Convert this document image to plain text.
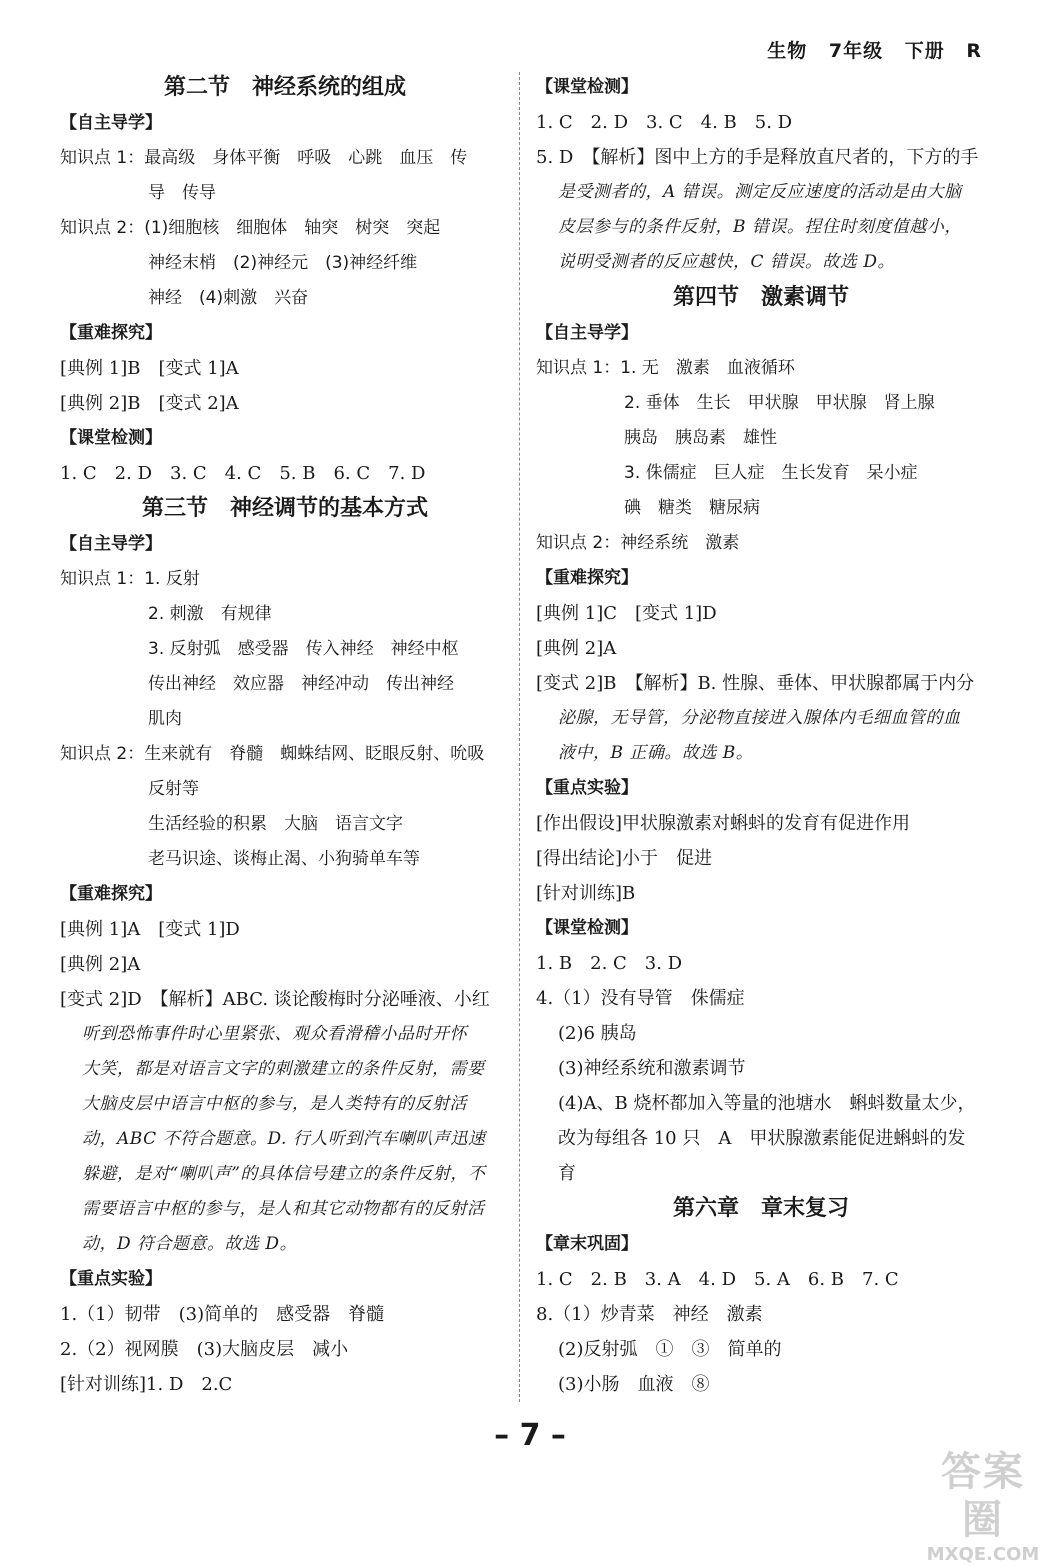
生物 7年级 下册 R
第二节　神经系统的组成
【自主导学】
知识点 1：最高级　身体平衡　呼吸　心跳　血压　传
导　传导
知识点 2：(1)细胞核　细胞体　轴突　树突　突起
神经末梢　(2)神经元　(3)神经纤维
神经　(4)刺激　兴奋
【重难探究】
[典例 1]B　[变式 1]A
[典例 2]B　[变式 2]A
【课堂检测】
1. C　2. D　3. C　4. C　5. B　6. C　7. D
第三节　神经调节的基本方式
【自主导学】
知识点 1：1. 反射
2. 刺激　有规律
3. 反射弧　感受器　传入神经　神经中枢
传出神经　效应器　神经冲动　传出神经
肌肉
知识点 2：生来就有　脊髓　蜘蛛结网、眨眼反射、吮吸
反射等
生活经验的积累　大脑　语言文字
老马识途、谈梅止渴、小狗骑单车等
【重难探究】
[典例 1]A　[变式 1]D
[典例 2]A
[变式 2]D　【解析】ABC. 谈论酸梅时分泌唾液、小红
听到恐怖事件时心里紧张、观众看滑稽小品时开怀
大笑，都是对语言文字的刺激建立的条件反射，需要
大脑皮层中语言中枢的参与，是人类特有的反射活
动，ABC 不符合题意。D. 行人听到汽车喇叭声迅速
躲避，是对“喇叭声”的具体信号建立的条件反射，不
需要语言中枢的参与，是人和其它动物都有的反射活
动，D 符合题意。故选 D。
【重点实验】
1.（1）韧带　(3)简单的　感受器　脊髓
2.（2）视网膜　(3)大脑皮层　减小
[针对训练]1. D　2.C
【课堂检测】
1. C　2. D　3. C　4. B　5. D
5. D　【解析】图中上方的手是释放直尺者的，下方的手
是受测者的，A 错误。测定反应速度的活动是由大脑
皮层参与的条件反射，B 错误。捏住时刻度值越小，
说明受测者的反应越快，C 错误。故选 D。
第四节　激素调节
【自主导学】
知识点 1：1. 无　激素　血液循环
2. 垂体　生长　甲状腺　甲状腺　肾上腺
胰岛　胰岛素　雄性
3. 侏儒症　巨人症　生长发育　呆小症
碘　糖类　糖尿病
知识点 2：神经系统　激素
【重难探究】
[典例 1]C　[变式 1]D
[典例 2]A
[变式 2]B　【解析】B. 性腺、垂体、甲状腺都属于内分
泌腺，无导管，分泌物直接进入腺体内毛细血管的血
液中，B 正确。故选 B。
【重点实验】
[作出假设]甲状腺激素对蝌蚪的发育有促进作用
[得出结论]小于　促进
[针对训练]B
【课堂检测】
1. B　2. C　3. D
4.（1）没有导管　侏儒症
(2)6 胰岛
(3)神经系统和激素调节
(4)A、B 烧杯都加入等量的池塘水　蝌蚪数量太少，
改为每组各 10 只　A　甲状腺激素能促进蝌蚪的发
育
第六章　章末复习
【章末巩固】
1. C　2. B　3. A　4. D　5. A　6. B　7. C
8.（1）炒青菜　神经　激素
(2)反射弧　①　③　简单的
(3)小肠　血液　⑧
– 7 –
答案圈
MXQE.COM
